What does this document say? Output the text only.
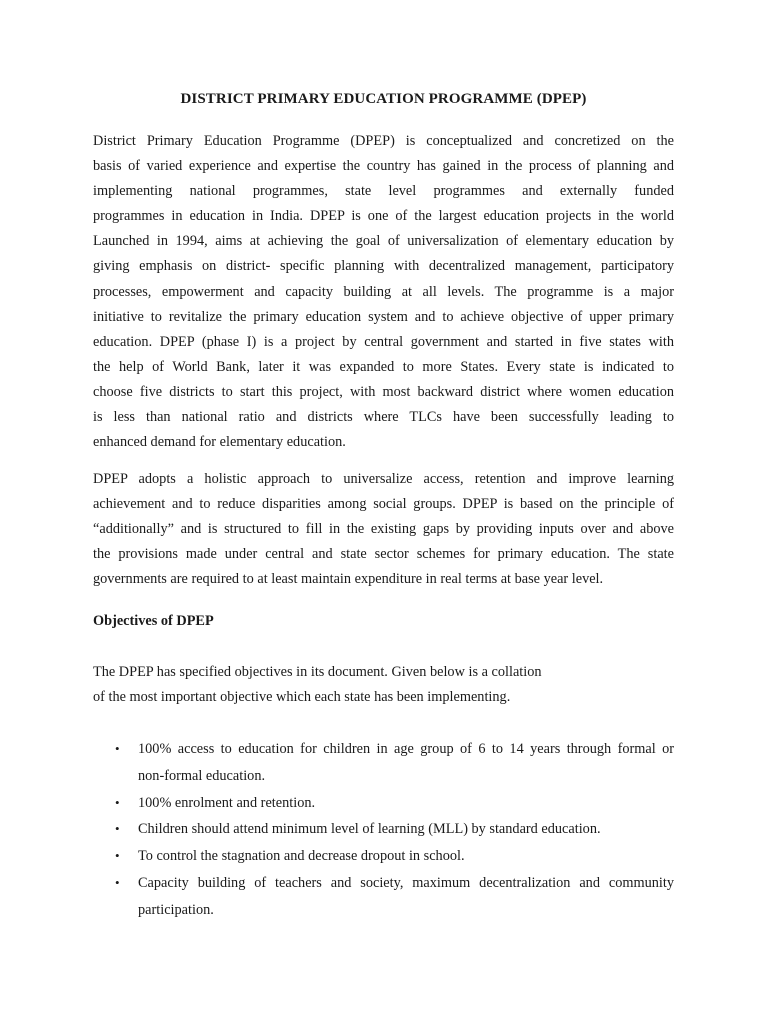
DISTRICT PRIMARY EDUCATION PROGRAMME (DPEP)
District Primary Education Programme (DPEP) is conceptualized and concretized on the
basis of varied experience and expertise the country has gained in the process of planning and
implementing national programmes, state level programmes and externally funded
programmes in education in India. DPEP is one of the largest education projects in the world
Launched in 1994, aims at achieving the goal of universalization of elementary education by
giving emphasis on district- specific planning with decentralized management, participatory
processes, empowerment and capacity building at all levels. The programme is a major
initiative to revitalize the primary education system and to achieve objective of upper primary
education. DPEP (phase I) is a project by central government and started in five states with
the help of World Bank, later it was expanded to more States. Every state is indicated to
choose five districts to start this project, with most backward district where women education
is less than national ratio and districts where TLCs have been successfully leading to
enhanced demand for elementary education.
DPEP adopts a holistic approach to universalize access, retention and improve learning
achievement and to reduce disparities among social groups. DPEP is based on the principle of
“additionally” and is structured to fill in the existing gaps by providing inputs over and above
the provisions made under central and state sector schemes for primary education. The state
governments are required to at least maintain expenditure in real terms at base year level.
Objectives of DPEP
The DPEP has specified objectives in its document. Given below is a collation
of the most important objective which each state has been implementing.
• 100% access to education for children in age group of 6 to 14 years through formal or
non-formal education.
• 100% enrolment and retention.
• Children should attend minimum level of learning (MLL) by standard education.
• To control the stagnation and decrease dropout in school.
• Capacity building of teachers and society, maximum decentralization and community
participation.
